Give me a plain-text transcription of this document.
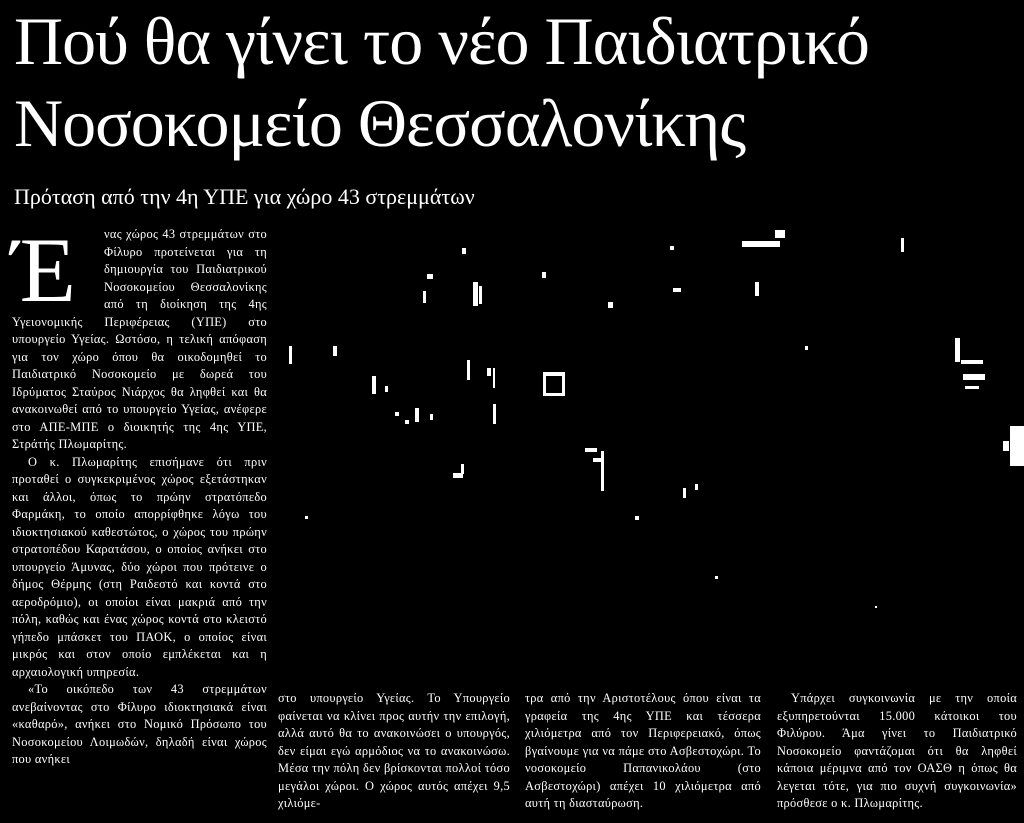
Πού θα γίνει το νέο Παιδιατρικό
Νοσοκομείο Θεσσαλονίκης
Πρόταση από την 4η ΥΠΕ για χώρο 43 στρεμμάτων

Έ	νας χώρος 43 στρεμμάτων στο Φίλυρο προτείνεται για τη δημιουργία του Παιδιατρικού Νοσοκομείου Θεσσαλονίκης από τη διοίκηση της 4ης Υγειονομικής Περιφέρειας (ΥΠΕ) στο υπουργείο Υγείας. Ωστόσο, η τελική απόφαση για τον χώρο όπου θα οικοδομηθεί το Παιδιατρικό Νοσοκομείο με δωρεά του Ιδρύματος Σταύρος Νιάρχος θα ληφθεί και θα ανακοινωθεί από το υπουργείο Υγείας, ανέφερε στο ΑΠΕ-ΜΠΕ ο διοικητής της 4ης ΥΠΕ, Στράτής Πλωμαρίτης.

Ο κ. Πλωμαρίτης επισήμανε ότι πριν προταθεί ο συγκεκριμένος χώρος εξετάστηκαν και άλλοι, όπως το πρώην στρατόπεδο Φαρμάκη, το οποίο απορρίφθηκε λόγω του ιδιοκτησιακού καθεστώτος, ο χώρος του πρώην στρατοπέδου Καρατάσου, ο οποίος ανήκει στο υπουργείο Άμυνας, δύο χώροι που πρότεινε ο δήμος Θέρμης (στη Ραιδεστό και κοντά στο αεροδρόμιο), οι οποίοι είναι μακριά από την πόλη, καθώς και ένας χώρος κοντά στο κλειστό γήπεδο μπάσκετ του ΠΑΟΚ, ο οποίος είναι μικρός και στον οποίο εμπλέκεται και η αρχαιολογική υπηρεσία.

«Το οικόπεδο των 43 στρεμμάτων ανεβαίνοντας στο Φίλυρο ιδιοκτησιακά είναι «καθαρό», ανήκει στο Νομικό Πρόσωπο του Νοσοκομείου Λοιμωδών, δηλαδή είναι χώρος που ανήκει

στο υπουργείο Υγείας. Το Υπουργείο φαίνεται να κλίνει προς αυτήν την επιλογή, αλλά αυτό θα το ανακοινώσει ο υπουργός, δεν είμαι εγώ αρμόδιος να το ανακοινώσω. Μέσα την πόλη δεν βρίσκονται πολλοί τόσο μεγάλοι χώροι. Ο χώρος αυτός απέχει 9,5 χιλιόμε-

τρα από την Αριστοτέλους όπου είναι τα γραφεία της 4ης ΥΠΕ και τέσσερα χιλιόμετρα από τον Περιφερειακό, όπως βγαίνουμε για να πάμε στο Ασβεστοχώρι. Το νοσοκομείο Παπανικολάου (στο Ασβεστοχώρι) απέχει 10 χιλιόμετρα από αυτή τη διασταύρωση.

Υπάρχει συγκοινωνία με την οποία εξυπηρετούνται 15.000 κάτοικοι του Φιλύρου. Άμα γίνει το Παιδιατρικό Νοσοκομείο φαντάζομαι ότι θα ληφθεί κάποια μέριμνα από τον ΟΑΣΘ η όπως θα λεγεται τότε, για πιο συχνή συγκοινωνία» πρόσθεσε ο κ. Πλωμαρίτης.
